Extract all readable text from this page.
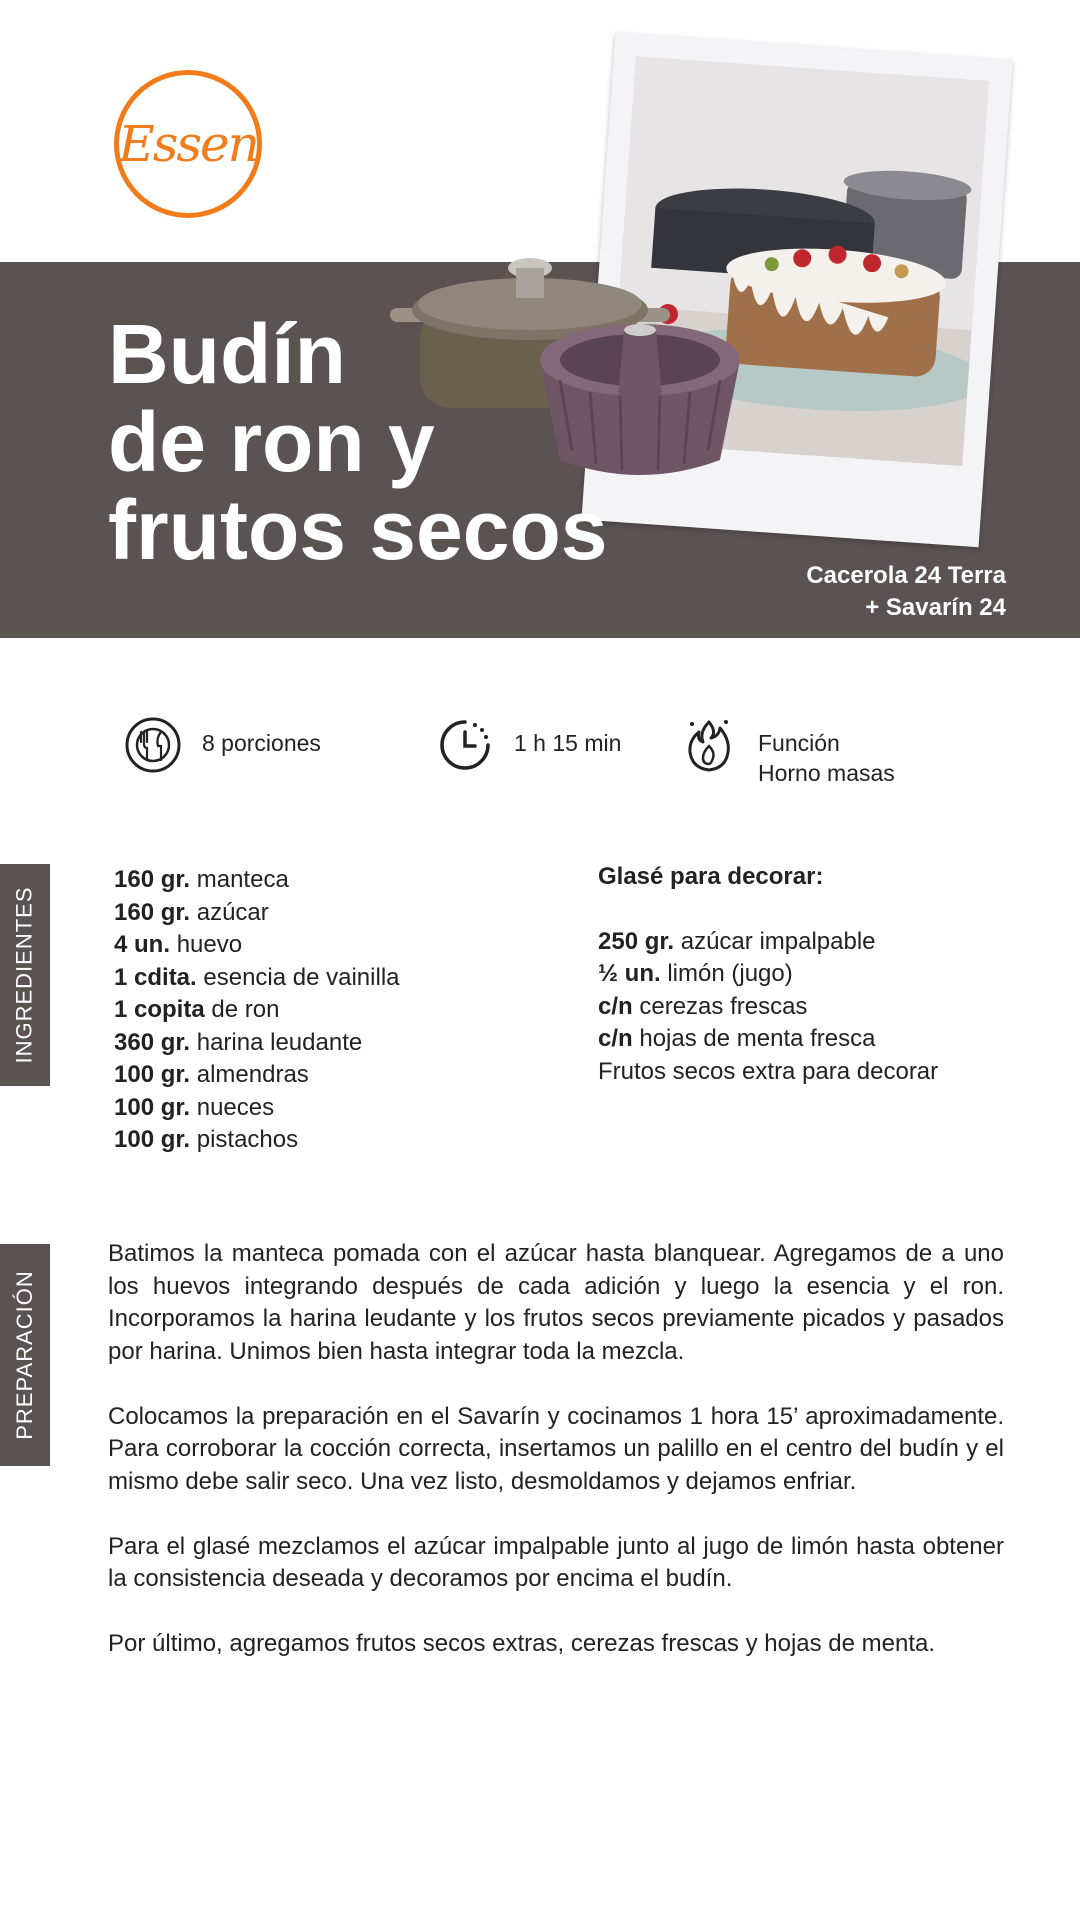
Essen
Budín
de ron y
frutos secos	Cacerola 24 Terra
+ Savarín 24
8 porciones	1 h 15 min	Función
Horno masas
INGREDIENTES
PREPARACIÓN
160 gr. manteca
160 gr. azúcar
4 un. huevo
1 cdita. esencia de vainilla
1 copita de ron
360 gr. harina leudante
100 gr. almendras
100 gr. nueces
100 gr. pistachos
Glasé para decorar:
250 gr. azúcar impalpable
½ un. limón (jugo)
c/n cerezas frescas
c/n hojas de menta fresca
Frutos secos extra para decorar

Batimos la manteca pomada con el azúcar hasta blanquear. Agregamos de a uno los huevos integrando después de cada adición y luego la esencia y el ron. Incorporamos la harina leudante y los frutos secos previamente picados y pasados por harina. Unimos bien hasta integrar toda la mezcla.

Colocamos la preparación en el Savarín y cocinamos 1 hora 15’ aproximadamente. Para corroborar la cocción correcta, insertamos un palillo en el centro del budín y el mismo debe salir seco. Una vez listo, desmoldamos y dejamos enfriar.

Para el glasé mezclamos el azúcar impalpable junto al jugo de limón hasta obtener la consistencia deseada y decoramos por encima el budín.

Por último, agregamos frutos secos extras, cerezas frescas y hojas de menta.
